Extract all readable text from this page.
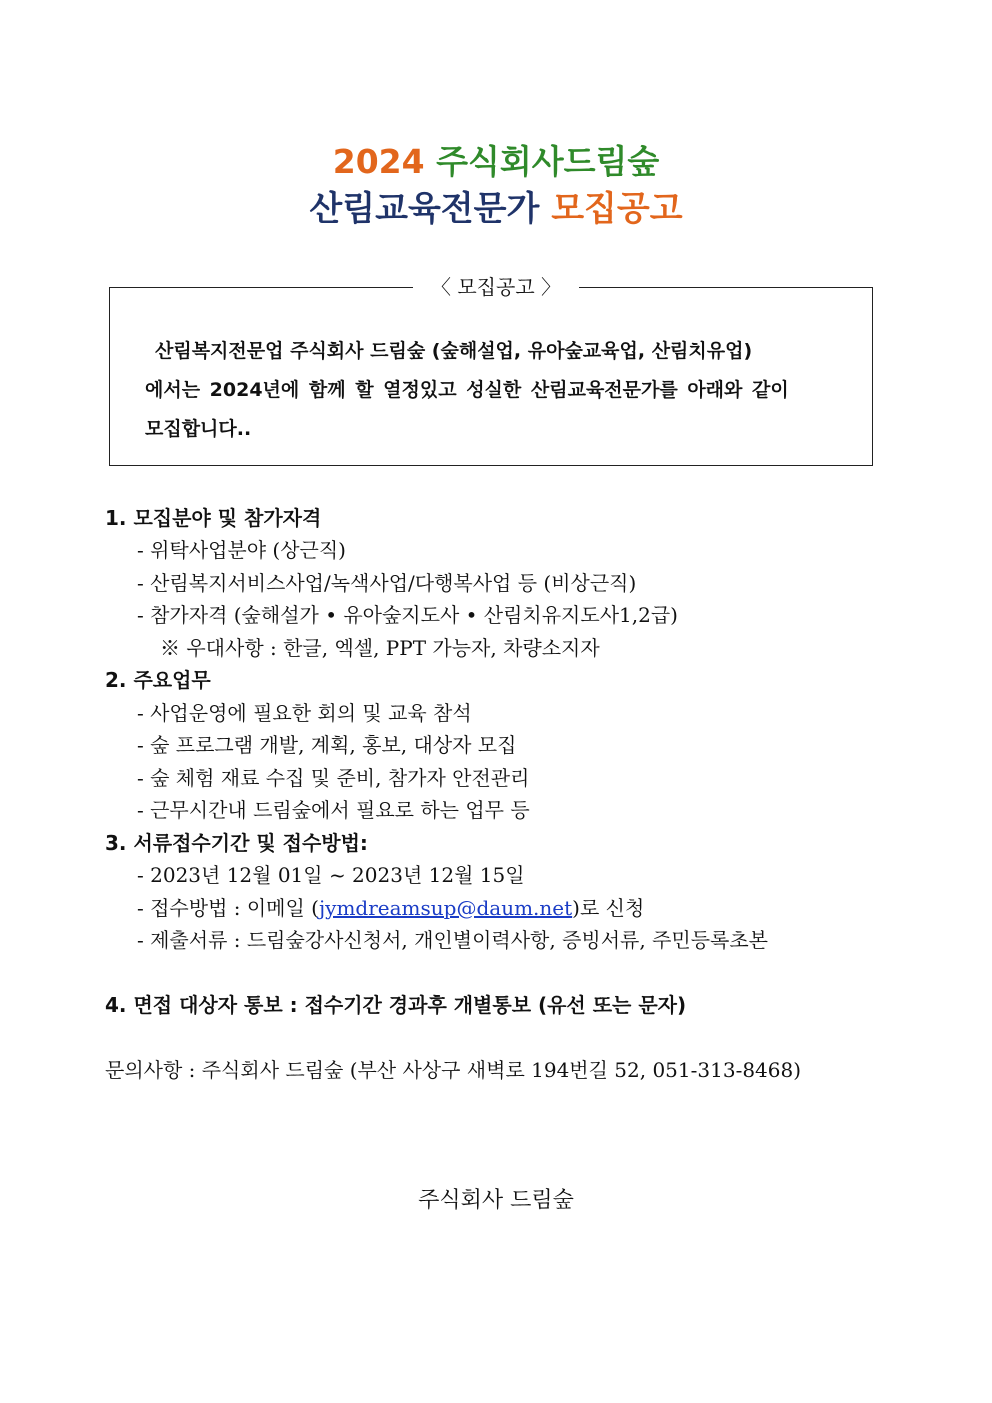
2024 주식회사드림숲
산림교육전문가 모집공고
〈 모집공고 〉
산림복지전문업 주식회사 드림숲 (숲해설업, 유아숲교육업, 산림치유업)
에서는 2024년에 함께 할 열정있고 성실한 산림교육전문가를 아래와 같이
모집합니다..
1. 모집분야 및 참가자격
- 위탁사업분야 (상근직)
- 산림복지서비스사업/녹색사업/다행복사업 등 (비상근직)
- 참가자격 (숲해설가 • 유아숲지도사 • 산림치유지도사1,2급)
※ 우대사항 : 한글, 엑셀, PPT 가능자, 차량소지자
2. 주요업무
- 사업운영에 필요한 회의 및 교육 참석
- 숲 프로그램 개발, 계획, 홍보, 대상자 모집
- 숲 체험 재료 수집 및 준비, 참가자 안전관리
- 근무시간내 드림숲에서 필요로 하는 업무 등
3. 서류접수기간 및 접수방법:
- 2023년 12월 01일 ~ 2023년 12월 15일
- 접수방법 : 이메일 (jymdreamsup@daum.net)로 신청
- 제출서류 : 드림숲강사신청서, 개인별이력사항, 증빙서류, 주민등록초본
4. 면접 대상자 통보 : 접수기간 경과후 개별통보 (유선 또는 문자)
문의사항 : 주식회사 드림숲 (부산 사상구 새벽로 194번길 52, 051-313-8468)
주식회사 드림숲
